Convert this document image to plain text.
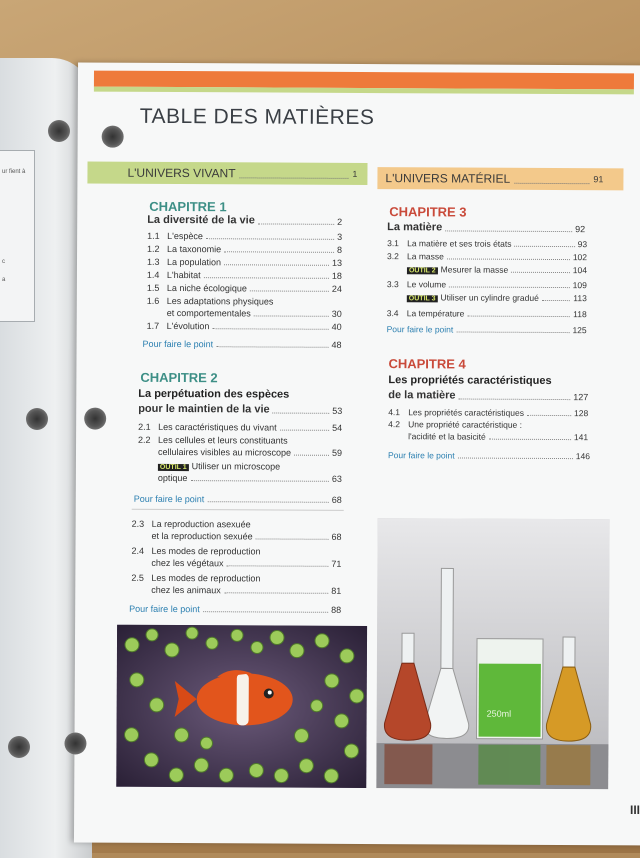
ur fient à
c
a
TABLE DES MATIÈRES
L'UNIVERS VIVANT	1	L'UNIVERS MATÉRIEL	91
CHAPITRE 1
La diversité de la vie	2
1.1 L'espèce	3
1.2 La taxonomie	8
1.3 La population	13
1.4 L'habitat	18
1.5 La niche écologique	24
1.6 Les adaptations physiques
et comportementales	30
1.7 L'évolution	40
Pour faire le point	48
CHAPITRE 2
La perpétuation des espèces
pour le maintien de la vie	53
2.1 Les caractéristiques du vivant	54
2.2 Les cellules et leurs constituants
cellulaires visibles au microscope	59
OUTIL 1 Utiliser un microscope
optique	63
Pour faire le point	68
2.3 La reproduction asexuée
et la reproduction sexuée	68
2.4 Les modes de reproduction
chez les végétaux	71
2.5 Les modes de reproduction
chez les animaux	81
Pour faire le point	88
CHAPITRE 3
La matière	92
3.1 La matière et ses trois états	93
3.2 La masse	102
OUTIL 2 Mesurer la masse	104
3.3 Le volume	109
OUTIL 3 Utiliser un cylindre gradué	113
3.4 La température	118
Pour faire le point	125
CHAPITRE 4
Les propriétés caractéristiques
de la matière	127
4.1 Les propriétés caractéristiques	128
4.2 Une propriété caractéristique :
l'acidité et la basicité	141
Pour faire le point	146
250ml
III
